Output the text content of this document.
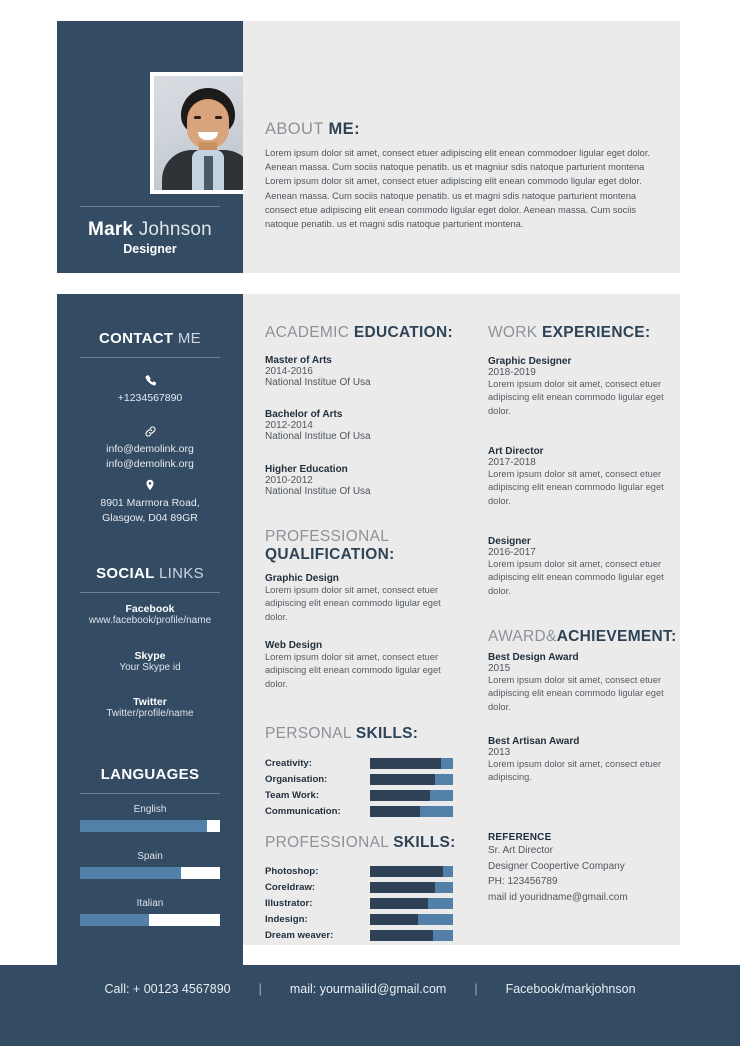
Mark Johnson
Designer
ABOUT ME:
Lorem ipsum dolor sit amet, consect etuer adipiscing elit enean commodoer ligular eget dolor. Aenean massa. Cum sociis natoque penatib. us et magniur sdis natoque parturient montena Lorem ipsum dolor sit amet, consect etuer adipiscing elit enean commodo ligular eget dolor. Aenean massa. Cum sociis natoque penatib. us et magni sdis natoque parturient montena consect etue adipiscing elit enean commodo ligular eget dolor. Aenean massa. Cum sociis natoque penatib. us et magni sdis natoque parturient montena.
CONTACT ME
+1234567890
info@demolink.org
info@demolink.org
8901 Marmora Road,
Glasgow, D04 89GR
SOCIAL LINKS
Facebook
www.facebook/profile/name
Skype
Your Skype id
Twitter
Twitter/profile/name
LANGUAGES
English
Spain
Italian
ACADEMIC EDUCATION:
Master of Arts
2014-2016
National Institue Of Usa
Bachelor of Arts
2012-2014
National Institue Of Usa
Higher Education
2010-2012
National Institue Of Usa
PROFESSIONAL
QUALIFICATION:
Graphic Design
Lorem ipsum dolor sit amet, consect etuer adipiscing elit enean commodo ligular eget dolor.
Web Design
Lorem ipsum dolor sit amet, consect etuer adipiscing elit enean commodo ligular eget dolor.
PERSONAL SKILLS:
Creativity:
Organisation:
Team Work:
Communication:
PROFESSIONAL SKILLS:
Photoshop:
Coreldraw:
Illustrator:
Indesign:
Dream weaver:
WORK EXPERIENCE:
Graphic Designer
2018-2019
Lorem ipsum dolor sit amet, consect etuer adipiscing elit enean commodo ligular eget dolor.
Art Director
2017-2018
Lorem ipsum dolor sit amet, consect etuer adipiscing elit enean commodo ligular eget dolor.
Designer
2016-2017
Lorem ipsum dolor sit amet, consect etuer adipiscing elit enean commodo ligular eget dolor.
AWARD&ACHIEVEMENT:
Best Design Award
2015
Lorem ipsum dolor sit amet, consect etuer adipiscing elit enean commodo ligular eget dolor.
Best Artisan Award
2013
Lorem ipsum dolor sit amet, consect etuer adipiscing.
REFERENCE
Sr. Art Director
Designer Coopertive Company
PH: 123456789
mail id youridname@gmail.com
Call: + 00123 4567890	|	mail: yourmailid@gmail.com	|	Facebook/markjohnson
